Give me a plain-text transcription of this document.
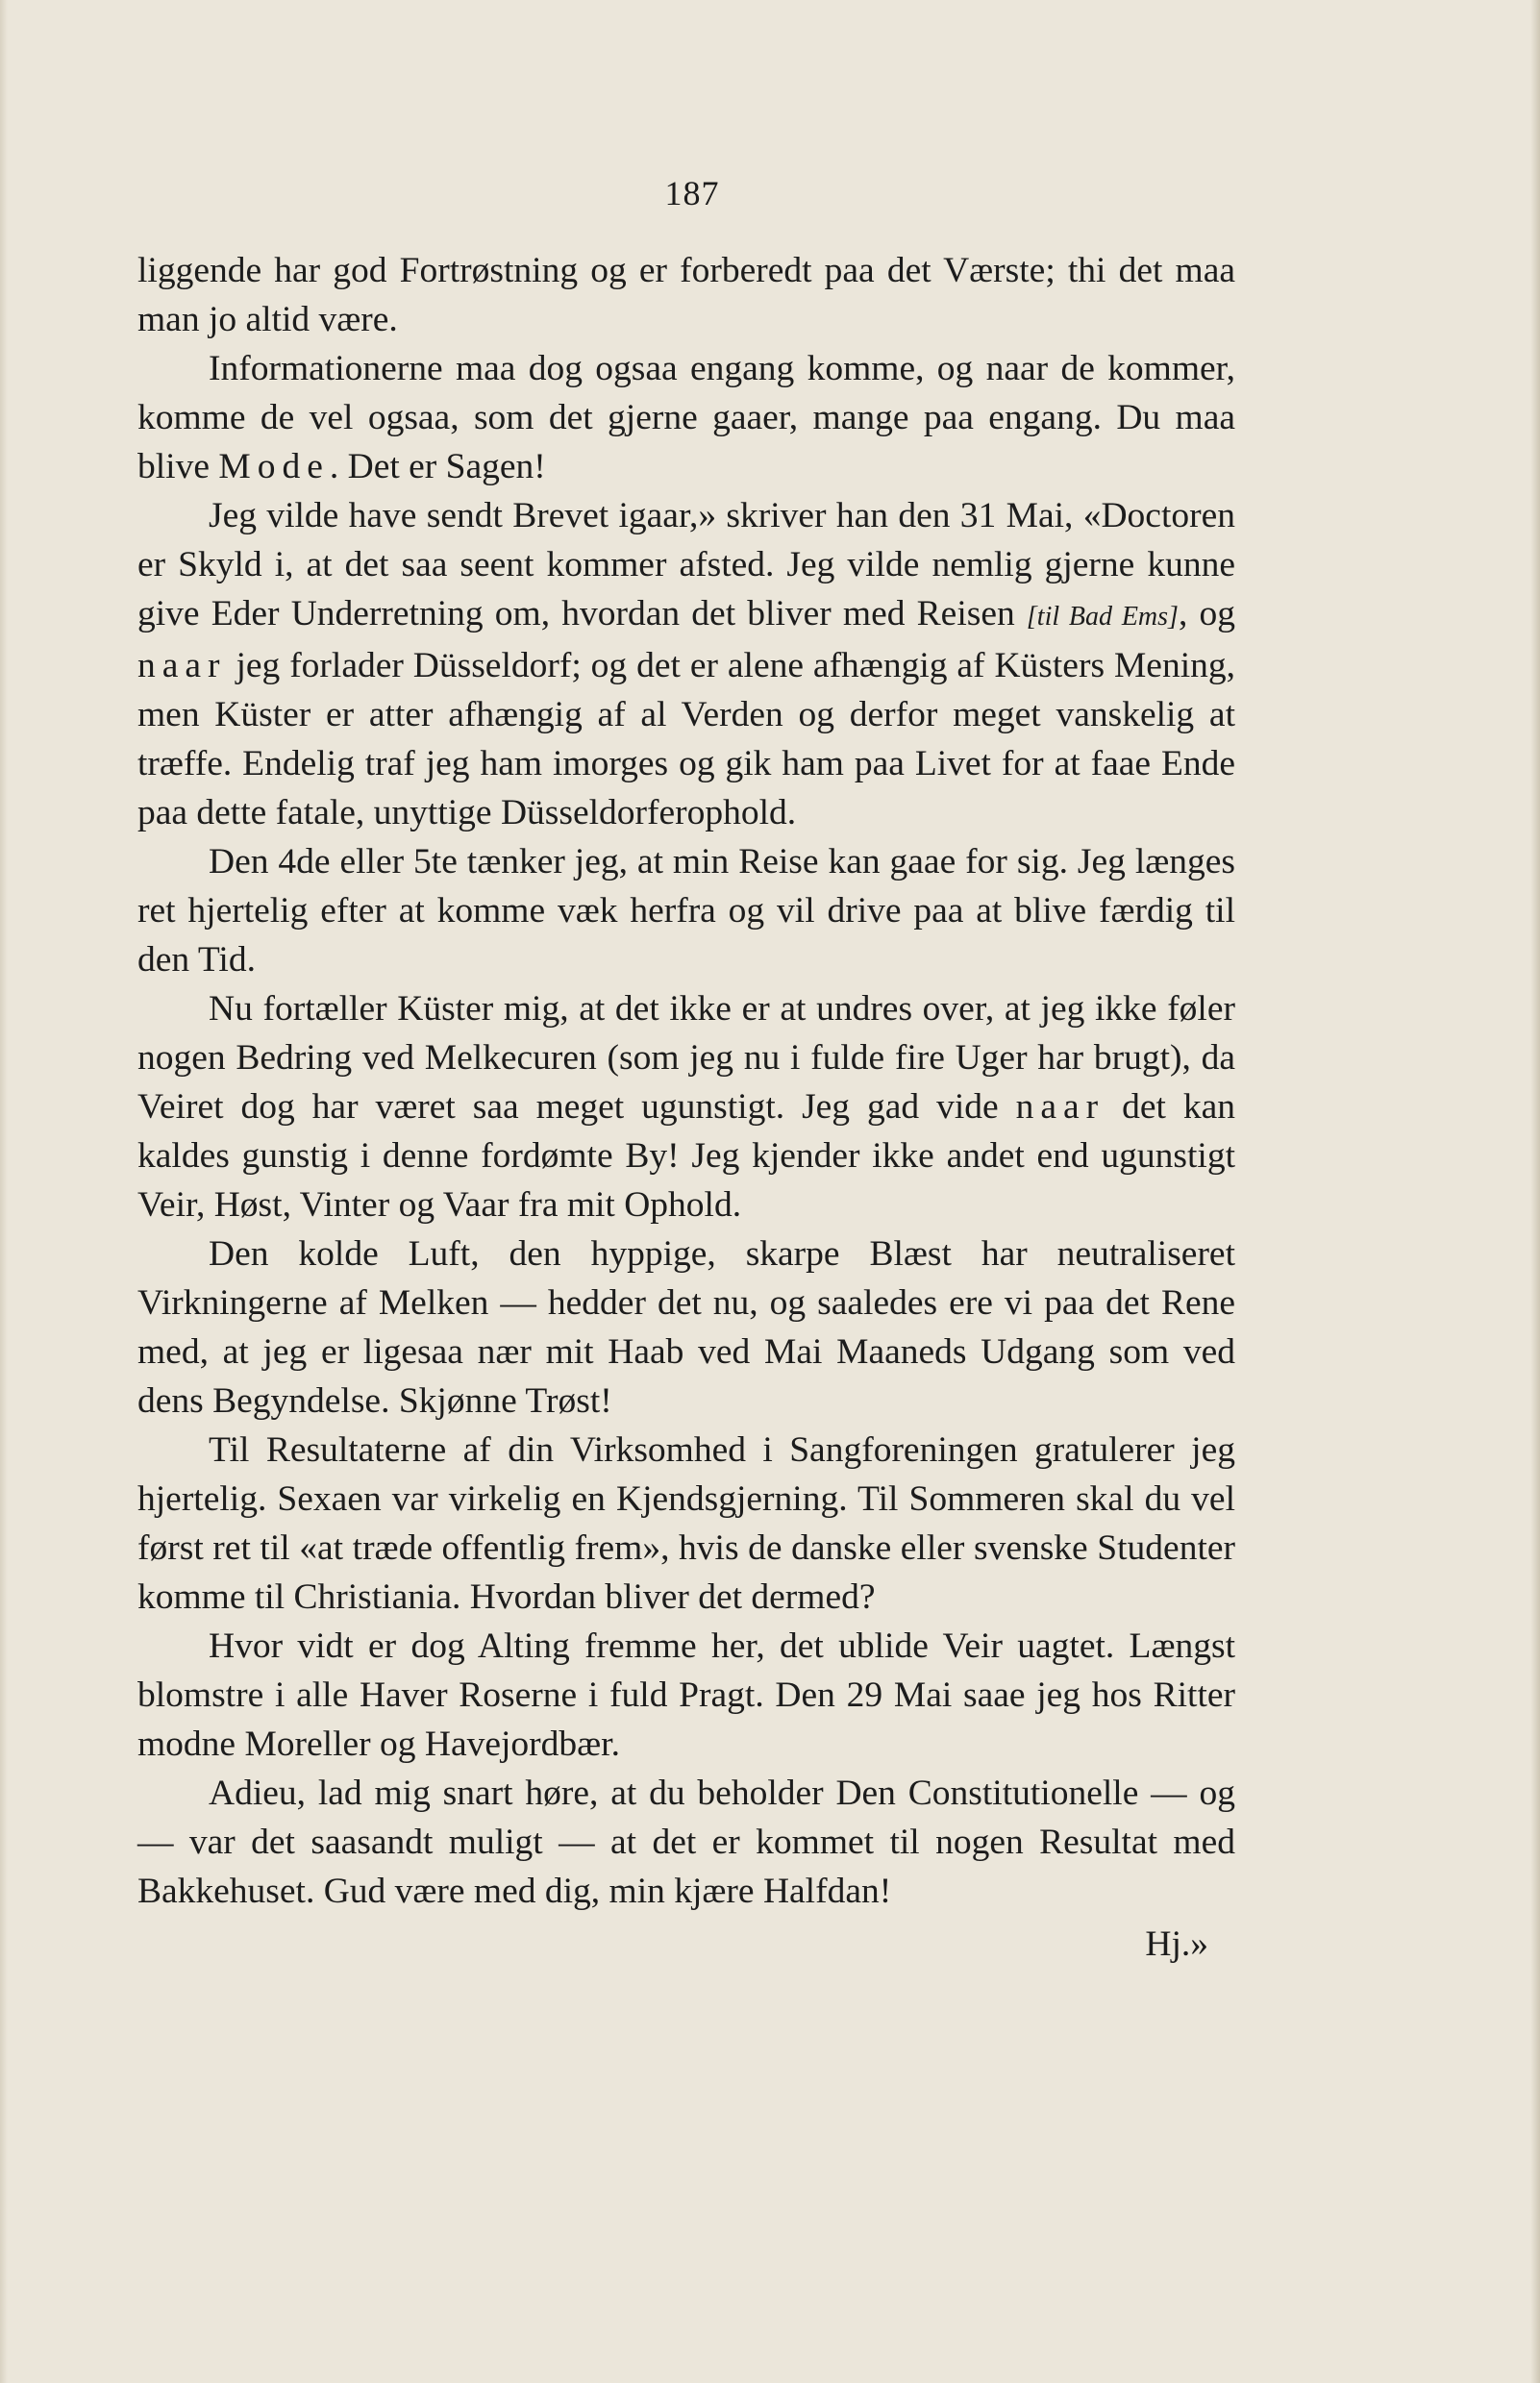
187

liggende har god Fortrøstning og er forberedt paa det Værste; thi det maa man jo altid være.

Informationerne maa dog ogsaa engang komme, og naar de kommer, komme de vel ogsaa, som det gjerne gaaer, mange paa engang. Du maa blive Mode. Det er Sagen!

Jeg vilde have sendt Brevet igaar,» skriver han den 31 Mai, «Doctoren er Skyld i, at det saa seent kommer afsted. Jeg vilde nemlig gjerne kunne give Eder Underretning om, hvordan det bliver med Reisen [til Bad Ems], og naar jeg forlader Düsseldorf; og det er alene afhængig af Küsters Mening, men Küster er atter afhængig af al Verden og derfor meget vanskelig at træffe. Endelig traf jeg ham imorges og gik ham paa Livet for at faae Ende paa dette fatale, unyttige Düsseldorferophold.

Den 4de eller 5te tænker jeg, at min Reise kan gaae for sig. Jeg længes ret hjertelig efter at komme væk herfra og vil drive paa at blive færdig til den Tid.

Nu fortæller Küster mig, at det ikke er at undres over, at jeg ikke føler nogen Bedring ved Melkecuren (som jeg nu i fulde fire Uger har brugt), da Veiret dog har været saa meget ugunstigt. Jeg gad vide naar det kan kaldes gunstig i denne fordømte By! Jeg kjender ikke andet end ugunstigt Veir, Høst, Vinter og Vaar fra mit Ophold.

Den kolde Luft, den hyppige, skarpe Blæst har neutraliseret Virkningerne af Melken — hedder det nu, og saaledes ere vi paa det Rene med, at jeg er ligesaa nær mit Haab ved Mai Maaneds Udgang som ved dens Begyndelse. Skjønne Trøst!

Til Resultaterne af din Virksomhed i Sangforeningen gratulerer jeg hjertelig. Sexaen var virkelig en Kjendsgjerning. Til Sommeren skal du vel først ret til «at træde offentlig frem», hvis de danske eller svenske Studenter komme til Christiania. Hvordan bliver det dermed?

Hvor vidt er dog Alting fremme her, det ublide Veir uagtet. Længst blomstre i alle Haver Roserne i fuld Pragt. Den 29 Mai saae jeg hos Ritter modne Moreller og Havejordbær.

Adieu, lad mig snart høre, at du beholder Den Constitutionelle — og — var det saasandt muligt — at det er kommet til nogen Resultat med Bakkehuset. Gud være med dig, min kjære Halfdan!

Hj.»
